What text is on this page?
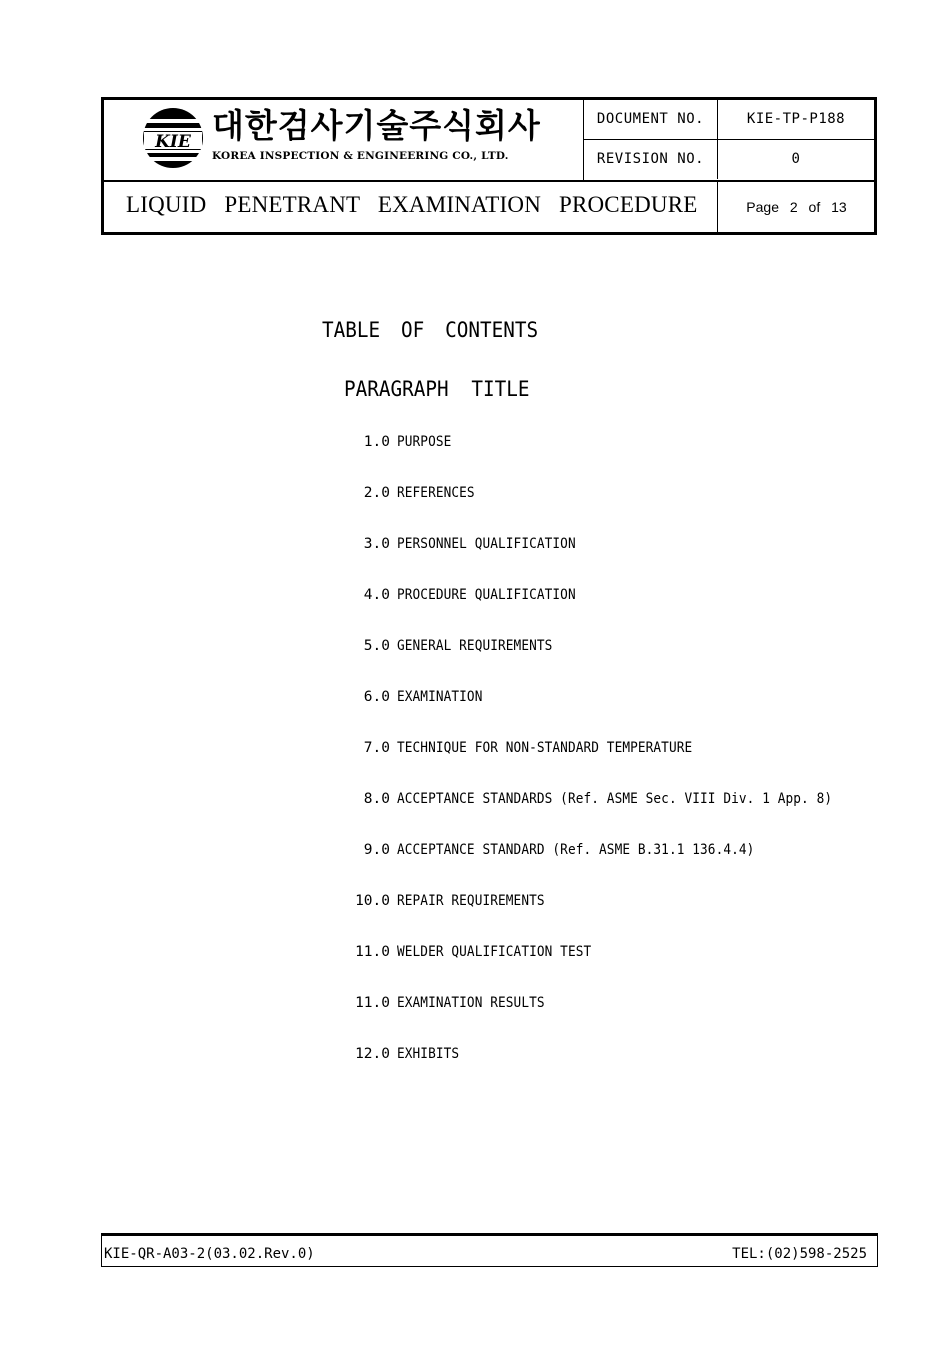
KIE 대한검사기술주식회사
KOREA INSPECTION & ENGINEERING CO., LTD.
DOCUMENT NO.	KIE-TP-P188
REVISION NO.	0
LIQUID PENETRANT EXAMINATION PROCEDURE	Page 2 of 13
TABLE OF CONTENTS
PARAGRAPH TITLE
1.0 PURPOSE
2.0 REFERENCES
3.0 PERSONNEL QUALIFICATION
4.0 PROCEDURE QUALIFICATION
5.0 GENERAL REQUIREMENTS
6.0 EXAMINATION
7.0 TECHNIQUE FOR NON-STANDARD TEMPERATURE
8.0 ACCEPTANCE STANDARDS (Ref. ASME Sec. VIII Div. 1 App. 8)
9.0 ACCEPTANCE STANDARD (Ref. ASME B.31.1 136.4.4)
10.0 REPAIR REQUIREMENTS
11.0 WELDER QUALIFICATION TEST
11.0 EXAMINATION RESULTS
12.0 EXHIBITS
KIE-QR-A03-2(03.02.Rev.0)	TEL:(02)598-2525
